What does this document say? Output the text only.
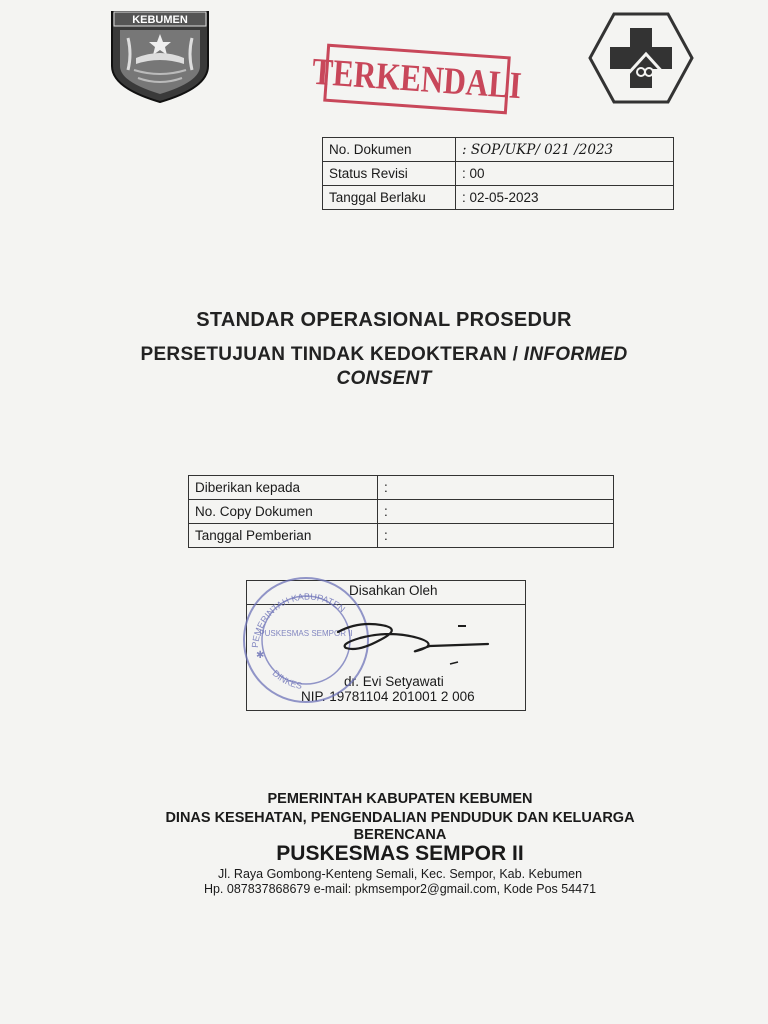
KEBUMEN
TERKENDALI
No. Dokumen	: SOP/UKP/ 021 /2023
Status Revisi	: 00
Tanggal Berlaku	: 02-05-2023
STANDAR OPERASIONAL PROSEDUR
PERSETUJUAN TINDAK KEDOKTERAN / INFORMED
CONSENT
Diberikan kepada	:
No. Copy Dokumen	:
Tanggal Pemberian	:
Disahkan Oleh
dr. Evi Setyawati
NIP. 19781104 201001 2 006
PEMERINTAH KABUPATEN
PUSKESMAS SEMPOR II
DINKES
✱
PEMERINTAH KABUPATEN KEBUMEN
DINAS KESEHATAN, PENGENDALIAN PENDUDUK DAN KELUARGA
BERENCANA
PUSKESMAS SEMPOR II
Jl. Raya Gombong-Kenteng Semali, Kec. Sempor, Kab. Kebumen
Hp. 087837868679 e-mail: pkmsempor2@gmail.com, Kode Pos 54471
